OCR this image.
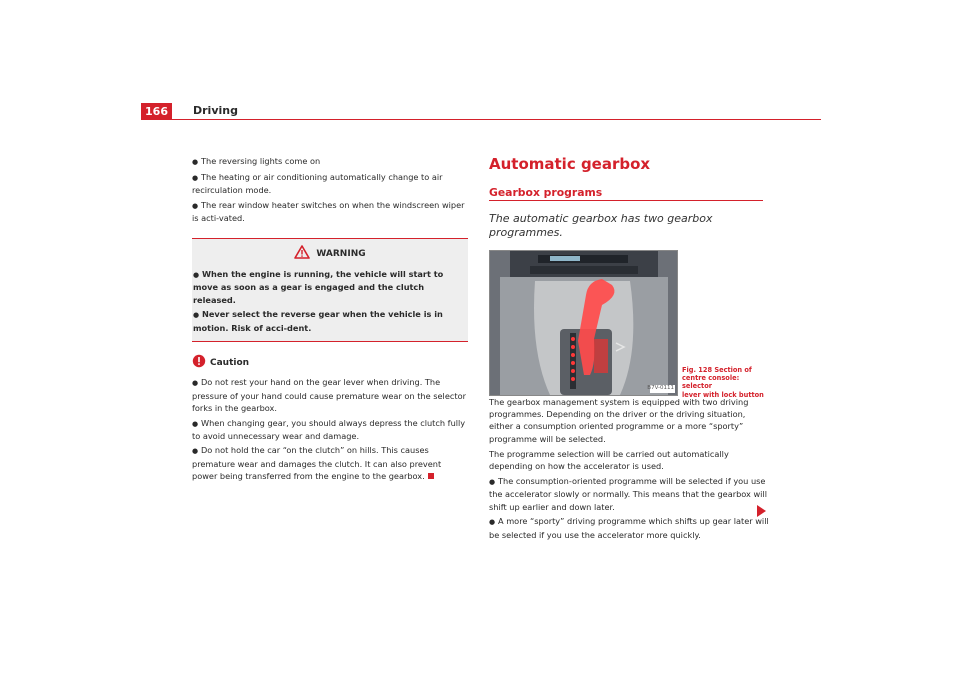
166	Driving
● The reversing lights come on
● The heating or air conditioning automatically change to air recirculation mode.
● The rear window heater switches on when the windscreen wiper is acti-vated.
WARNING
● When the engine is running, the vehicle will start to move as soon as a gear is engaged and the clutch released.
● Never select the reverse gear when the vehicle is in motion. Risk of acci-dent.
Caution
● Do not rest your hand on the gear lever when driving. The pressure of your hand could cause premature wear on the selector forks in the gearbox.
● When changing gear, you should always depress the clutch fully to avoid unnecessary wear and damage.
● Do not hold the car “on the clutch” on hills. This causes premature wear and damages the clutch. It can also prevent power being transferred from the engine to the gearbox.
Automatic gearbox
Gearbox programs
The automatic gearbox has two gearbox programmes.
B7V-0111
Fig. 128 Section of
centre console: selector
lever with lock button
The gearbox management system is equipped with two driving programmes. Depending on the driver or the driving situation, either a consumption oriented programme or a more “sporty” programme will be selected.
The programme selection will be carried out automatically depending on how the accelerator is used.
● The consumption-oriented programme will be selected if you use the accelerator slowly or normally. This means that the gearbox will shift up earlier and down later.
● A more “sporty” driving programme which shifts up gear later will be selected if you use the accelerator more quickly.
